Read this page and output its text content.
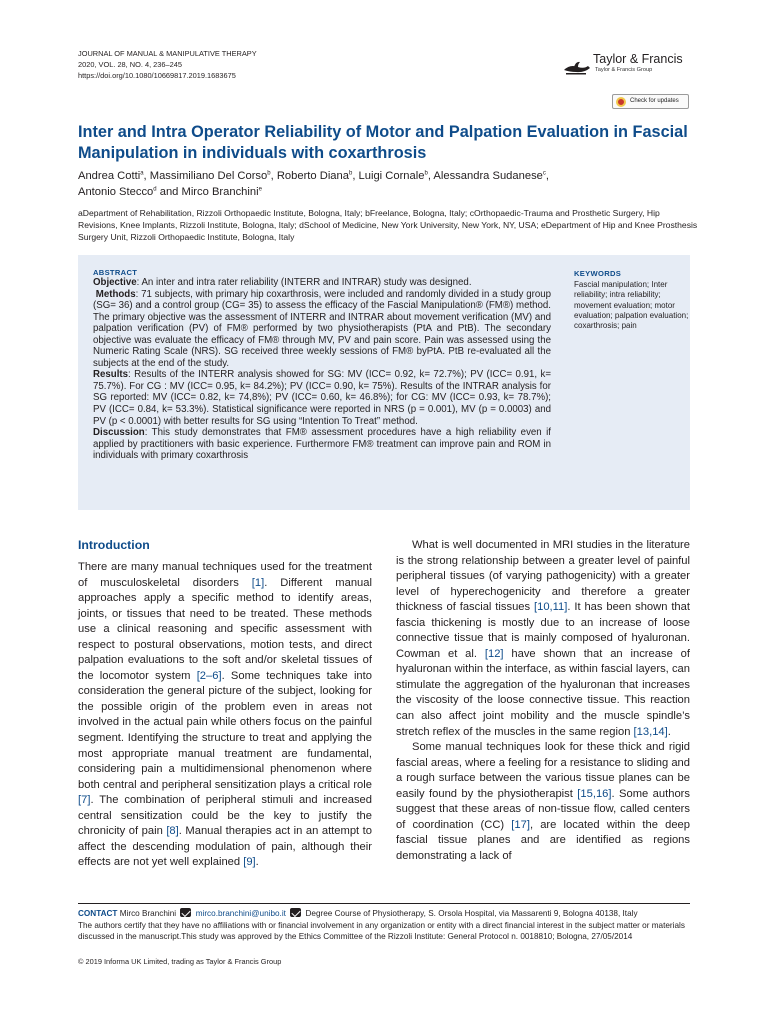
JOURNAL OF MANUAL & MANIPULATIVE THERAPY
2020, VOL. 28, NO. 4, 236–245
https://doi.org/10.1080/10669817.2019.1683675
Taylor & Francis
Taylor & Francis Group
Check for updates
Inter and Intra Operator Reliability of Motor and Palpation Evaluation in Fascial Manipulation in individuals with coxarthrosis
Andrea Cotti$^a$, Massimiliano Del Corso$^b$, Roberto Diana$^b$, Luigi Cornale$^b$, Alessandra Sudanese$^c$,
Antonio Stecco$^d$ and Mirco Branchini$^e$
aDepartment of Rehabilitation, Rizzoli Orthopaedic Institute, Bologna, Italy; bFreelance, Bologna, Italy; cOrthopaedic-Trauma and Prosthetic Surgery, Hip Revisions, Knee Implants, Rizzoli Institute, Bologna, Italy; dSchool of Medicine, New York University, New York, NY, USA; eDepartment of Hip and Knee Prosthesis Surgery Unit, Rizzoli Orthopaedic Institute, Bologna, Italy
ABSTRACT

Objective: An inter and intra rater reliability (INTERR and INTRAR) study was designed.

Methods: 71 subjects, with primary hip coxarthrosis, were included and randomly divided in a study group (SG= 36) and a control group (CG= 35) to assess the efficacy of the Fascial Manipulation® (FM®) method. The primary objective was the assessment of INTERR and INTRAR about movement verification (MV) and palpation verification (PV) of FM® performed by two physiotherapists (PtA and PtB). The secondary objective was evaluate the efficacy of FM® through MV, PV and pain score. Pain was assessed using the Numeric Rating Scale (NRS). SG received three weekly sessions of FM® byPtA. PtB re-evaluated all the subjects at the end of the study.

Results: Results of the INTERR analysis showed for SG: MV (ICC= 0.92, k= 72.7%); PV (ICC= 0.91, k= 75.7%). For CG : MV (ICC= 0.95, k= 84.2%); PV (ICC= 0.90, k= 75%). Results of the INTRAR analysis for SG reported: MV (ICC= 0.82, k= 74,8%); PV (ICC= 0.60, k= 46.8%); for CG: MV (ICC= 0.93, k= 78.7%); PV (ICC= 0.84, k= 53.3%). Statistical significance were reported in NRS (p = 0.001), MV (p = 0.0003) and PV (p < 0.0001) with better results for SG using “Intention To Treat” method.

Discussion: This study demonstrates that FM® assessment procedures have a high reliability even if applied by practitioners with basic experience. Furthermore FM® treatment can improve pain and ROM in individuals with primary coxarthrosis

KEYWORDS
Fascial manipulation; Inter reliability; intra reliability; movement evaluation; motor evaluation; palpation evaluation; coxarthrosis; pain
Introduction

There are many manual techniques used for the treatment of musculoskeletal disorders [1]. Different manual approaches apply a specific method to identify areas, joints, or tissues that need to be treated. These methods use a clinical reasoning and specific assessment with respect to postural observations, motion tests, and direct palpation evaluations to the soft and/or skeletal tissues of the locomotor system [2–6]. Some techniques take into consideration the general picture of the subject, looking for the possible origin of the problem even in areas not involved in the actual pain while others focus on the painful segment. Identifying the structure to treat and applying the most appropriate manual treatment are fundamental, considering pain a multidimensional phenomenon where both central and peripheral sensitization plays a critical role [7]. The combination of peripheral stimuli and increased central sensitization could be the key to justify the chronicity of pain [8]. Manual therapies act in an attempt to affect the descending modulation of pain, although their effects are not yet well explained [9].

What is well documented in MRI studies in the literature is the strong relationship between a greater level of painful peripheral tissues (of varying pathogenicity) with a greater level of hyperechogenicity and therefore a greater thickness of fascial tissues [10,11]. It has been shown that fascia thickening is mostly due to an increase of loose connective tissue that is mainly composed of hyaluronan. Cowman et al. [12] have shown that an increase of hyaluronan within the interface, as within fascial layers, can stimulate the aggregation of the hyaluronan that increases the viscosity of the loose connective tissue. This reaction can also affect joint mobility and the muscle spindle’s stretch reflex of the muscles in the same region [13,14].

Some manual techniques look for these thick and rigid fascial areas, where a feeling for a resistance to sliding and a rough surface between the various tissue planes can be easily found by the physiotherapist [15,16]. Some authors suggest that these areas of non-tissue flow, called centers of coordination (CC) [17], are located within the deep fascial tissue planes and are identified as regions demonstrating a lack of

CONTACT Mirco Branchini mirco.branchini@unibo.it Degree Course of Physiotherapy, S. Orsola Hospital, via Massarenti 9, Bologna 40138, Italy
The authors certify that they have no affiliations with or financial involvement in any organization or entity with a direct financial interest in the subject matter or materials discussed in the manuscript.This study was approved by the Ethics Committee of the Rizzoli Institute: General Protocol n. 0018810; Bologna, 27/05/2014
© 2019 Informa UK Limited, trading as Taylor & Francis Group
